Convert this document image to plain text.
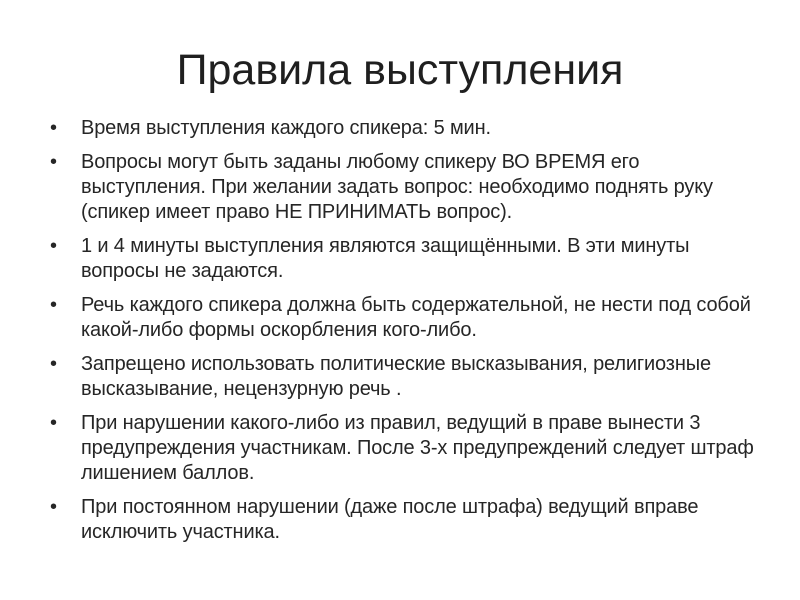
Правила выступления
•	Время выступления каждого спикера: 5 мин.
•	Вопросы могут быть заданы любому спикеру ВО ВРЕМЯ его выступления. При желании задать вопрос: необходимо поднять руку (спикер имеет право НЕ ПРИНИМАТЬ вопрос).
•	1 и 4 минуты выступления являются защищёнными. В эти минуты вопросы не задаются.
•	Речь каждого спикера должна быть содержательной, не нести под собой какой-либо формы оскорбления кого-либо.
•	Запрещено использовать политические высказывания, религиозные высказывание, нецензурную речь .
•	При нарушении какого-либо из правил, ведущий в праве вынести 3 предупреждения участникам. После 3-х предупреждений следует штраф лишением баллов.
•	При постоянном нарушении (даже после штрафа) ведущий вправе исключить участника.
